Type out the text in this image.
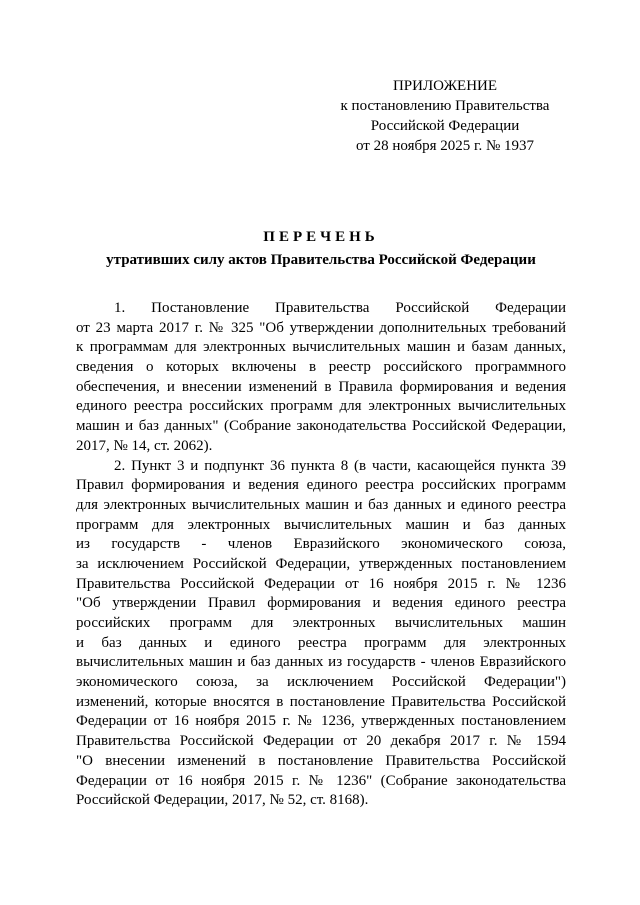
ПРИЛОЖЕНИЕ
к постановлению Правительства
Российской Федерации
от 28 ноября 2025 г. № 1937
ПЕРЕЧЕНЬ
утративших силу актов Правительства Российской Федерации
1. Постановление Правительства Российской Федерации
от 23 марта 2017 г. № 325 "Об утверждении дополнительных требований
к программам для электронных вычислительных машин и базам данных,
сведения о которых включены в реестр российского программного
обеспечения, и внесении изменений в Правила формирования и ведения
единого реестра российских программ для электронных вычислительных
машин и баз данных" (Собрание законодательства Российской Федерации,
2017, № 14, ст. 2062).
2. Пункт 3 и подпункт 36 пункта 8 (в части, касающейся пункта 39
Правил формирования и ведения единого реестра российских программ
для электронных вычислительных машин и баз данных и единого реестра
программ для электронных вычислительных машин и баз данных
из государств - членов Евразийского экономического союза,
за исключением Российской Федерации, утвержденных постановлением
Правительства Российской Федерации от 16 ноября 2015 г. № 1236
"Об утверждении Правил формирования и ведения единого реестра
российских программ для электронных вычислительных машин
и баз данных и единого реестра программ для электронных
вычислительных машин и баз данных из государств - членов Евразийского
экономического союза, за исключением Российской Федерации")
изменений, которые вносятся в постановление Правительства Российской
Федерации от 16 ноября 2015 г. № 1236, утвержденных постановлением
Правительства Российской Федерации от 20 декабря 2017 г. № 1594
"О внесении изменений в постановление Правительства Российской
Федерации от 16 ноября 2015 г. № 1236" (Собрание законодательства
Российской Федерации, 2017, № 52, ст. 8168).
